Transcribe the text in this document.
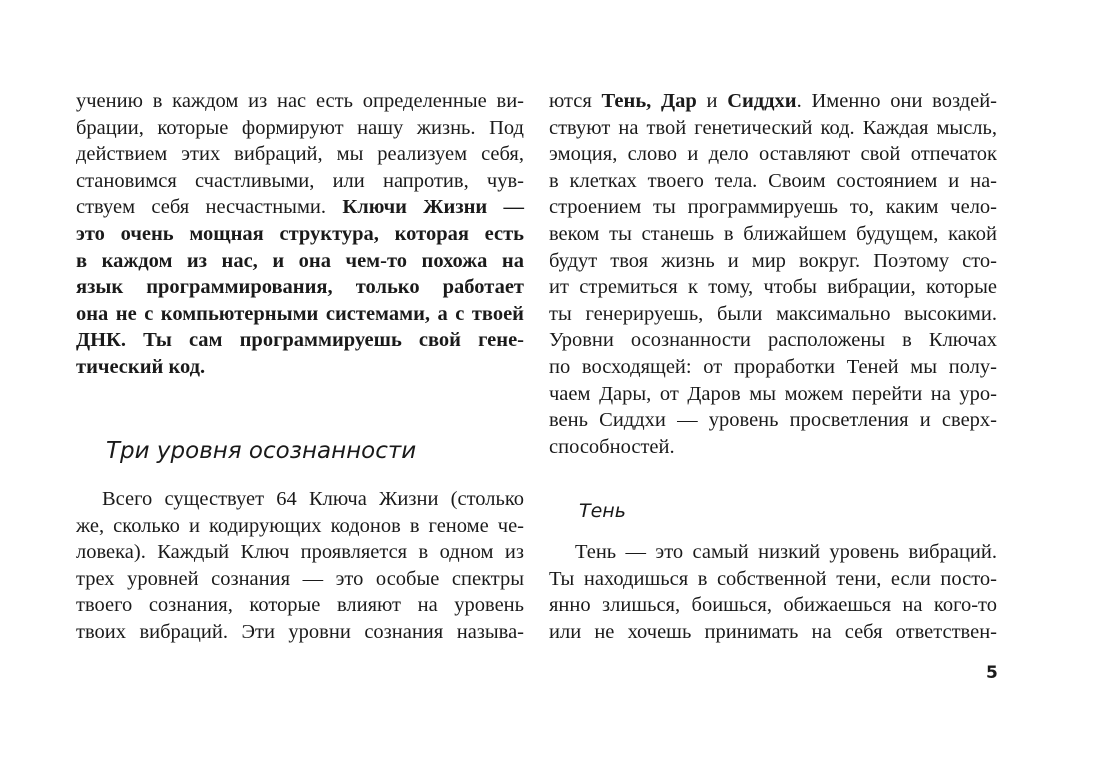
учению в каждом из нас есть определенные ви-
брации, которые формируют нашу жизнь. Под
действием этих вибраций, мы реализуем себя,
становимся счастливыми, или напротив, чув-
ствуем себя несчастными. Ключи Жизни —
это очень мощная структура, которая есть
в каждом из нас, и она чем-то похожа на
язык программирования, только работает
она не с компьютерными системами, а с твоей
ДНК. Ты сам программируешь свой гене-
тический код.
Три уровня осознанности
Всего существует 64 Ключа Жизни (столько
же, сколько и кодирующих кодонов в геноме че-
ловека). Каждый Ключ проявляется в одном из
трех уровней сознания — это особые спектры
твоего сознания, которые влияют на уровень
твоих вибраций. Эти уровни сознания называ-
ются Тень, Дар и Сиддхи. Именно они воздей-
ствуют на твой генетический код. Каждая мысль,
эмоция, слово и дело оставляют свой отпечаток
в клетках твоего тела. Своим состоянием и на-
строением ты программируешь то, каким чело-
веком ты станешь в ближайшем будущем, какой
будут твоя жизнь и мир вокруг. Поэтому сто-
ит стремиться к тому, чтобы вибрации, которые
ты генерируешь, были максимально высокими.
Уровни осознанности расположены в Ключах
по восходящей: от проработки Теней мы полу-
чаем Дары, от Даров мы можем перейти на уро-
вень Сиддхи — уровень просветления и сверх-
способностей.
Тень
Тень — это самый низкий уровень вибраций.
Ты находишься в собственной тени, если посто-
янно злишься, боишься, обижаешься на кого-то
или не хочешь принимать на себя ответствен-
5
